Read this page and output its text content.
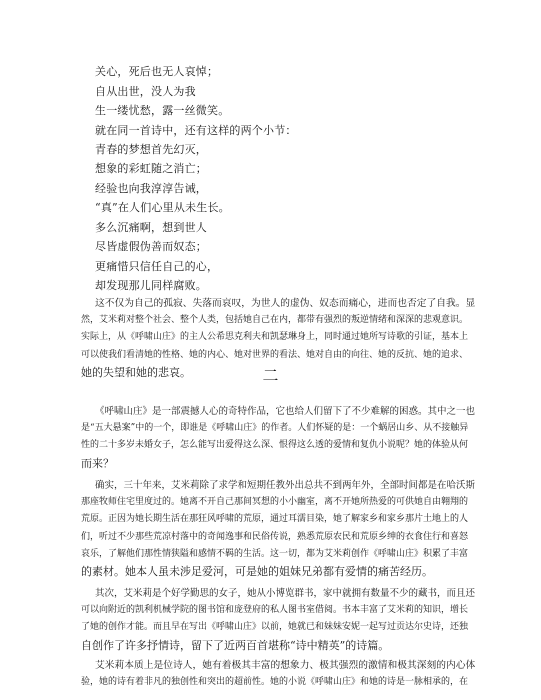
关心，死后也无人哀悼；
自从出世，没人为我
生一缕忧愁，露一丝微笑。
就在同一首诗中，还有这样的两个小节：
青春的梦想首先幻灭，
想象的彩虹随之消亡；
经验也向我淳淳告诫，
“真”在人们心里从未生长。
多么沉痛啊，想到世人
尽皆虚假伪善而奴态；
更痛惜只信任自己的心，
却发现那儿同样腐败。
这不仅为自己的孤寂、失落而哀叹，为世人的虚伪、奴态而痛心，进而也否定了自我。显
然，艾米莉对整个社会、整个人类，包括她自己在内，都带有强烈的叛逆情绪和深深的悲观意识。
实际上，从《呼啸山庄》的主人公希思克利夫和凯瑟琳身上，同时通过她所写诗歌的引证，基本上
可以使我们看清她的性格、她的内心、她对世界的看法、她对自由的向往、她的反抗、她的追求、
她的失望和她的悲哀。	二
《呼啸山庄》是一部震撼人心的奇特作品，它也给人们留下了不少难解的困惑。其中之一也
是“五大悬案”中的一个，即谁是《呼啸山庄》的作者。人们怀疑的是：一个蜗居山乡、从不接触异
性的二十多岁未婚女子，怎么能写出爱得这么深、恨得这么透的爱情和复仇小说呢？她的体验从何
而来？
确实，三十年来，艾米莉除了求学和短期任教外出总共不到两年外，全部时间都是在哈沃斯
那座牧师住宅里度过的。她离不开自己那间冥想的小小幽室，离不开她所热爱的可供她自由翱翔的
荒原。正因为她长期生活在那狂风呼啸的荒原，通过耳濡目染，她了解家乡和家乡那片土地上的人
们，听过不少那些荒凉村落中的奇闻逸事和民俗传说，熟悉荒原农民和荒原乡绅的衣食住行和喜怒
哀乐，了解他们那性情狭隘和感情不羁的生活。这一切，都为艾米莉创作《呼啸山庄》积累了丰富
的素材。她本人虽未涉足爱河，可是她的姐妹兄弟都有爱情的痛苦经历。
其次，艾米莉是个好学勤思的女子，她从小博览群书，家中就拥有数量不少的藏书，而且还
可以向附近的凯利机械学院的图书馆和庞登府的私人图书室借阅。书本丰富了艾米莉的知识，增长
了她的创作才能。而且早在写出《呼啸山庄》以前，她就已和妹妹安妮一起写过贡达尔史诗，还独
自创作了许多抒情诗，留下了近两百首堪称“诗中精英”的诗篇。
艾米莉本质上是位诗人，她有着极其丰富的想象力、极其强烈的激情和极其深刻的内心体
验，她的诗有着非凡的独创性和突出的超前性。她的小说《呼啸山庄》和她的诗是一脉相承的，在
